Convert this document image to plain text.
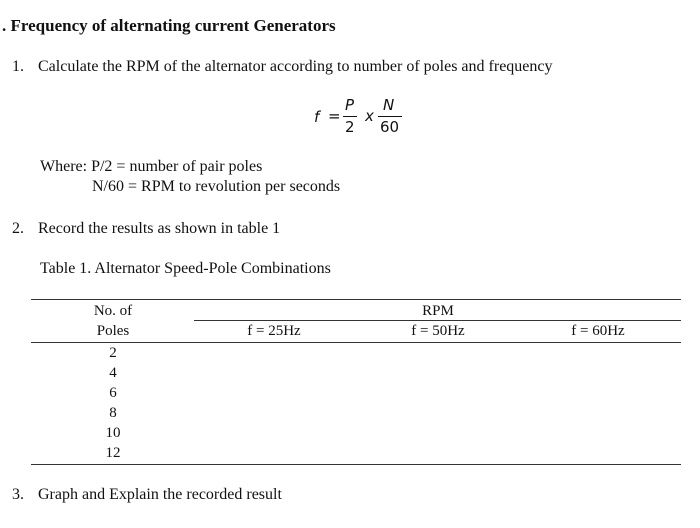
. Frequency of alternating current Generators
1. Calculate the RPM of the alternator according to number of poles and frequency
f =
P
2
x
N
60
Where: P/2 = number of pair poles
N/60 = RPM to revolution per seconds
2. Record the results as shown in table 1
Table 1. Alternator Speed-Pole Combinations
No. of
Poles
RPM
f = 25Hz	f = 50Hz	f = 60Hz
2
4
6
8
10
12
3. Graph and Explain the recorded result
